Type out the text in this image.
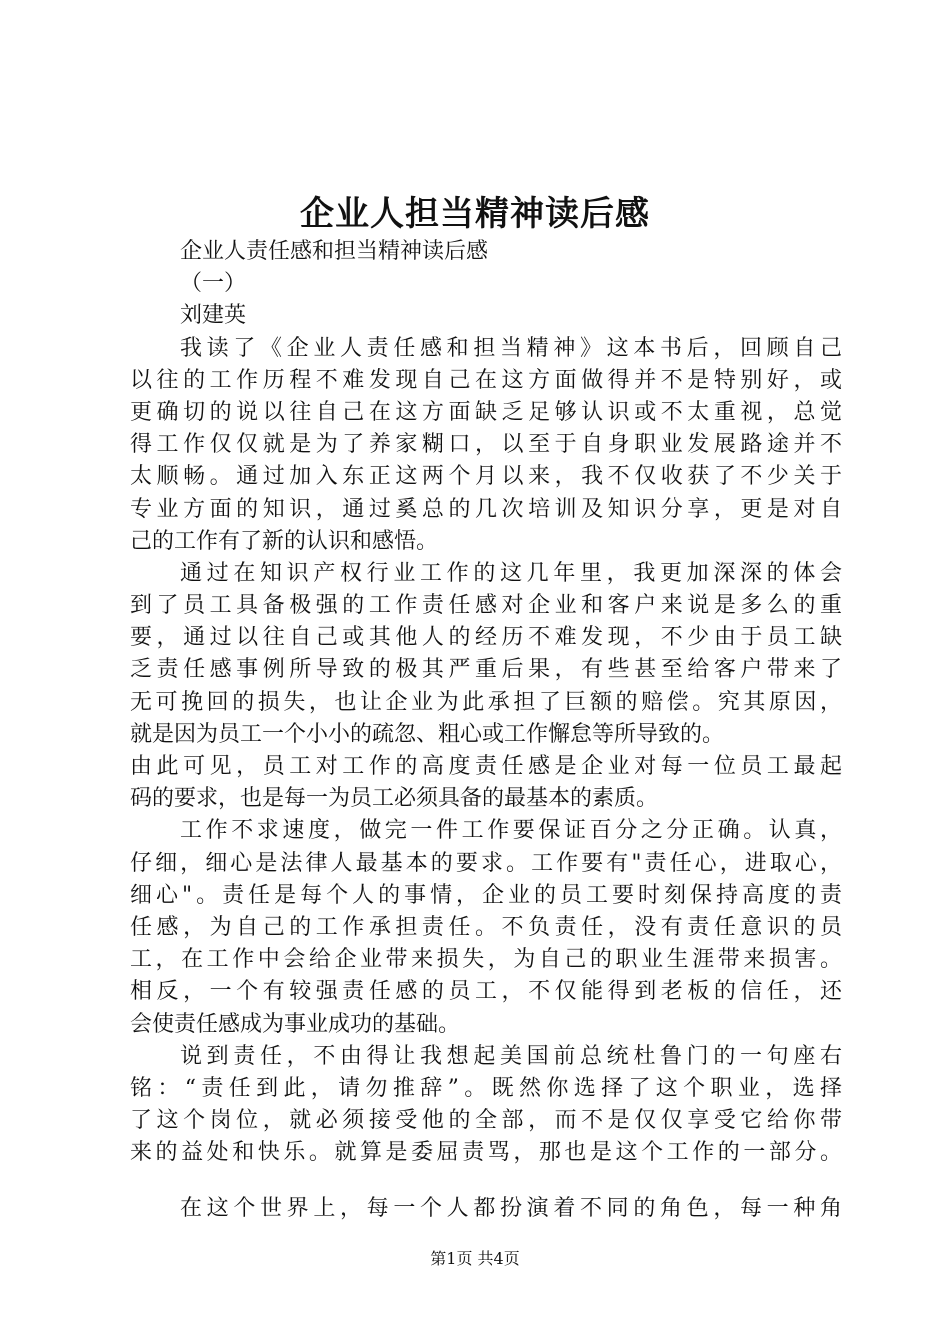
企业人担当精神读后感
企业人责任感和担当精神读后感
（一）
刘建英
我读了《企业人责任感和担当精神》这本书后，回顾自己
以往的工作历程不难发现自己在这方面做得并不是特别好，或
更确切的说以往自己在这方面缺乏足够认识或不太重视，总觉
得工作仅仅就是为了养家糊口，以至于自身职业发展路途并不
太顺畅。通过加入东正这两个月以来，我不仅收获了不少关于
专业方面的知识，通过奚总的几次培训及知识分享，更是对自
己的工作有了新的认识和感悟。
通过在知识产权行业工作的这几年里，我更加深深的体会
到了员工具备极强的工作责任感对企业和客户来说是多么的重
要，通过以往自己或其他人的经历不难发现，不少由于员工缺
乏责任感事例所导致的极其严重后果，有些甚至给客户带来了
无可挽回的损失，也让企业为此承担了巨额的赔偿。究其原因，
就是因为员工一个小小的疏忽、粗心或工作懈怠等所导致的。
由此可见，员工对工作的高度责任感是企业对每一位员工最起
码的要求，也是每一为员工必须具备的最基本的素质。
工作不求速度，做完一件工作要保证百分之分正确。认真，
仔细，细心是法律人最基本的要求。工作要有"责任心，进取心，
细心"。责任是每个人的事情，企业的员工要时刻保持高度的责
任感，为自己的工作承担责任。不负责任，没有责任意识的员
工，在工作中会给企业带来损失，为自己的职业生涯带来损害。
相反，一个有较强责任感的员工，不仅能得到老板的信任，还
会使责任感成为事业成功的基础。
说到责任，不由得让我想起美国前总统杜鲁门的一句座右
铭：“责任到此，请勿推辞”。既然你选择了这个职业，选择
了这个岗位，就必须接受他的全部，而不是仅仅享受它给你带
来的益处和快乐。就算是委屈责骂，那也是这个工作的一部分。
在这个世界上，每一个人都扮演着不同的角色，每一种角
第1页 共4页
